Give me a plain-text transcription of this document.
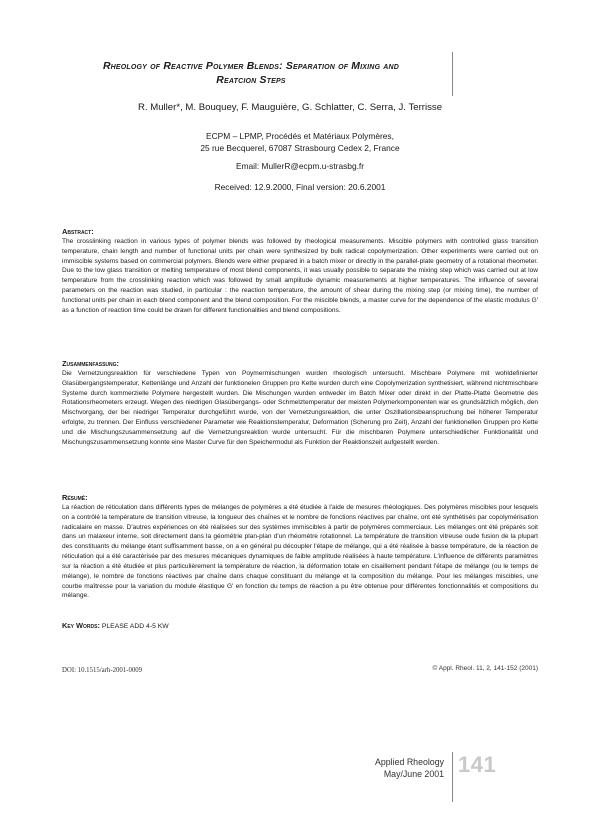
Rheology of Reactive Polymer Blends: Separation of Mixing and
Reatcion Steps
R. Muller*, M. Bouquey, F. Mauguière, G. Schlatter, C. Serra, J. Terrisse
ECPM – LPMP, Procédés et Matériaux Polymères,
25 rue Becquerel, 67087 Strasbourg Cedex 2, France
Email: MullerR@ecpm.u-strasbg.fr
Received: 12.9.2000, Final version: 20.6.2001
Abstract:

The crosslinking reaction in various types of polymer blends was followed by rheological measurements. Miscible polymers with controlled glass transition temperature, chain length and number of functional units per chain were synthesized by bulk radical copolymerization. Other experiments were carried out on immiscible systems based on commercial polymers. Blends were either prepared in a batch mixer or directly in the parallel-plate geometry of a rotational rheometer. Due to the low glass transition or melting temperature of most blend components, it was usually possible to separate the mixing step which was carried out at low temperature from the crosslinking reaction which was followed by small amplitude dynamic measurements at higher temperatures. The influence of several parameters on the reaction was studied, in particular : the reaction temperature, the amount of shear during the mixing step (or mixing time), the number of functional units per chain in each blend component and the blend composition. For the miscible blends, a master curve for the dependence of the elastic modulus G' as a function of reaction time could be drawn for different functionalities and blend compositions.

Zusammenfassung:

Die Vernetzungsreaktion für verschiedene Typen von Poymermischungen wurden rheologisch untersucht. Mischbare Polymere mit wohldefinierter Glasübergangstemperatur, Kettenlänge und Anzahl der funktionelen Gruppen pro Kette wurden durch eine Copolymerization synthetisiert, während nichtmischbare Systeme durch kommerzielle Polymere hergestellt wurden. Die Mischungen wurden entweder im Batch Mixer oder direkt in der Platte-Platte Geometrie des Rotationsrheometers erzeugt. Wegen des niedrigen Glasübergangs- oder Schmelztemperatur der meisten Polymerkomponenten war es grundsätzlich möglich, den Mischvorgang, der bei niedriger Temperatur durchgeführt wurde, von der Vernetzungsreaktion, die unter Oszillationsbeanspruchung bei höherer Temperatur erfolgte, zu trennen. Der Einfluss verschiedener Parameter wie Reaktionstemperatur, Deformation (Scherung pro Zeit), Anzahl der funktionellen Gruppen pro Kette und die Mischungszusammensetzung auf die Vernetzungsreaktion wurde untersucht. Für die mischbaren Polymere unterschiedlicher Funktionalität und Mischungszusammensetzung konnte eine Master Curve für den Speichermodul als Funktion der Reaktionszeit aufgestellt werden.

Résumé:

La réaction de réticulation dans différents types de mélanges de polymères a été étudiée à l'aide de mesures rhéologiques. Des polymères miscibles pour lesquels on a contrôlé la température de transition vitreuse, la longueur des chaînes et le nombre de fonctions réactives par chaîne, ont été synthétisés par copolymérisation radicalaire en masse. D'autres expériences on été réalisées sur des systèmes immiscibles à partir de polymères commerciaux. Les mélanges ont été préparés soit dans un malaxeur interne, soit directement dans la géométrie plan-plan d'un rhéomètre rotationnel. La température de transition vitreuse oude fusion de la plupart des constituants du mélange étant suffisamment basse, on a en général pu découpler l'étape de mélange, qui a été réalisée à basse température, de la réaction de réticulation qui a été caractérisée par des mesures mécaniques dynamiques de faible amplitude réalisées à haute température. L'influence de différents paramètres sur la réaction a été étudiée et plus particulièrement la température de réaction, la déformation totale en cisaillement pendant l'étape de mélange (ou le temps de mélange), le nombre de fonctions réactives par chaîne dans chaque constituant du mélange et la composition du mélange. Pour les mélanges miscibles, une courbe maîtresse pour la variation du module élastique G' en fonction du temps de réaction a pu être obtenue pour différentes fonctionnalités et compositions du mélange.

Key Words: PLEASE ADD 4-5 KW
DOI: 10.1515/arh-2001-0009	© Appl. Rheol. 11, 2, 141-152 (2001)
Applied Rheology
May/June 2001 141
